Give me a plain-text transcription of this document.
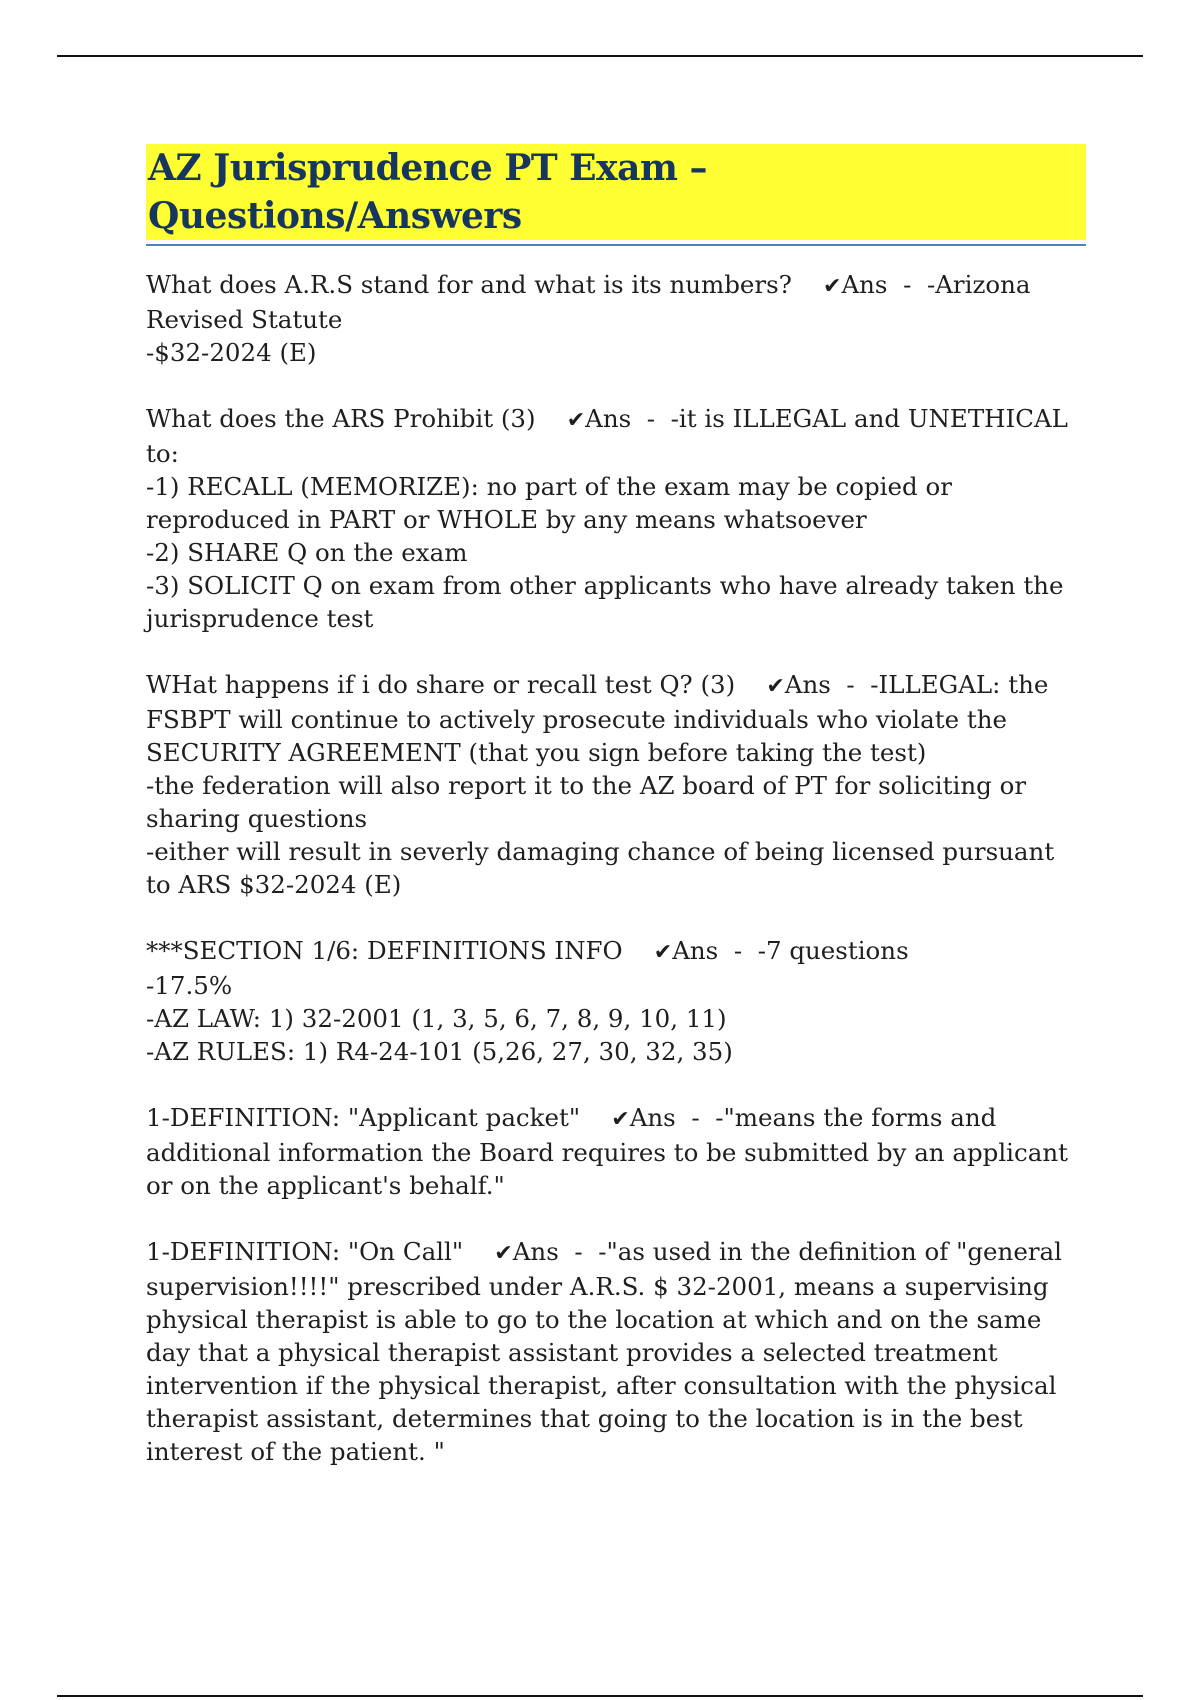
AZ Jurisprudence PT Exam – Questions/Answers
What does A.R.S stand for and what is its numbers? ✔Ans  -  -Arizona Revised Statute
-$32-2024 (E)
What does the ARS Prohibit (3) ✔Ans  -  -it is ILLEGAL and UNETHICAL to:
-1) RECALL (MEMORIZE): no part of the exam may be copied or reproduced in PART or WHOLE by any means whatsoever
-2) SHARE Q on the exam
-3) SOLICIT Q on exam from other applicants who have already taken the jurisprudence test
WHat happens if i do share or recall test Q? (3) ✔Ans  -  -ILLEGAL: the FSBPT will continue to actively prosecute individuals who violate the SECURITY AGREEMENT (that you sign before taking the test)
-the federation will also report it to the AZ board of PT for soliciting or sharing questions
-either will result in severly damaging chance of being licensed pursuant to ARS $32-2024 (E)
***SECTION 1/6: DEFINITIONS INFO ✔Ans  -  -7 questions
-17.5%
-AZ LAW: 1) 32-2001 (1, 3, 5, 6, 7, 8, 9, 10, 11)
-AZ RULES: 1) R4-24-101 (5,26, 27, 30, 32, 35)
1-DEFINITION: "Applicant packet" ✔Ans  -  -"means the forms and additional information the Board requires to be submitted by an applicant or on the applicant's behalf."
1-DEFINITION: "On Call" ✔Ans  -  -"as used in the definition of "general supervision!!!!" prescribed under A.R.S. $ 32-2001, means a supervising physical therapist is able to go to the location at which and on the same day that a physical therapist assistant provides a selected treatment intervention if the physical therapist, after consultation with the physical therapist assistant, determines that going to the location is in the best interest of the patient. "
